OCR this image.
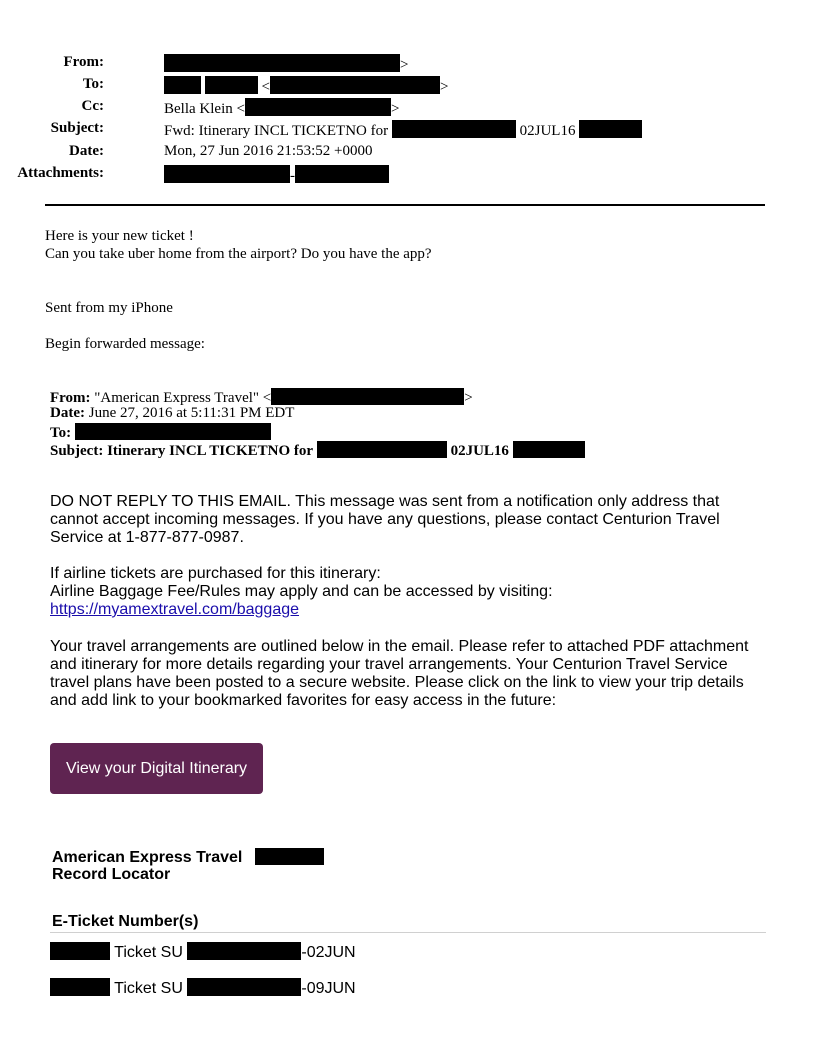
From:	>
To:	<	>
Cc:	Bella Klein <	>
Subject:	Fwd: Itinerary INCL TICKETNO for	02JUL16
Date:	Mon, 27 Jun 2016 21:53:52 +0000
Attachments:	-
Here is your new ticket !
Can you take uber home from the airport? Do you have the app?
Sent from my iPhone
Begin forwarded message:
From: "American Express Travel" <	>
Date: June 27, 2016 at 5:11:31 PM EDT
To:
Subject: Itinerary INCL TICKETNO for	02JUL16

DO NOT REPLY TO THIS EMAIL. This message was sent from a notification only address that cannot accept incoming messages. If you have any questions, please contact Centurion Travel Service at 1-877-877-0987.

If airline tickets are purchased for this itinerary:
Airline Baggage Fee/Rules may apply and can be accessed by visiting:
https://myamextravel.com/baggage

Your travel arrangements are outlined below in the email. Please refer to attached PDF attachment and itinerary for more details regarding your travel arrangements. Your Centurion Travel Service travel plans have been posted to a secure website. Please click on the link to view your trip details and add link to your bookmarked favorites for easy access in the future:

View your Digital Itinerary
American Express Travel
Record Locator
E-Ticket Number(s)
Ticket SU	-02JUN
Ticket SU	-09JUN
